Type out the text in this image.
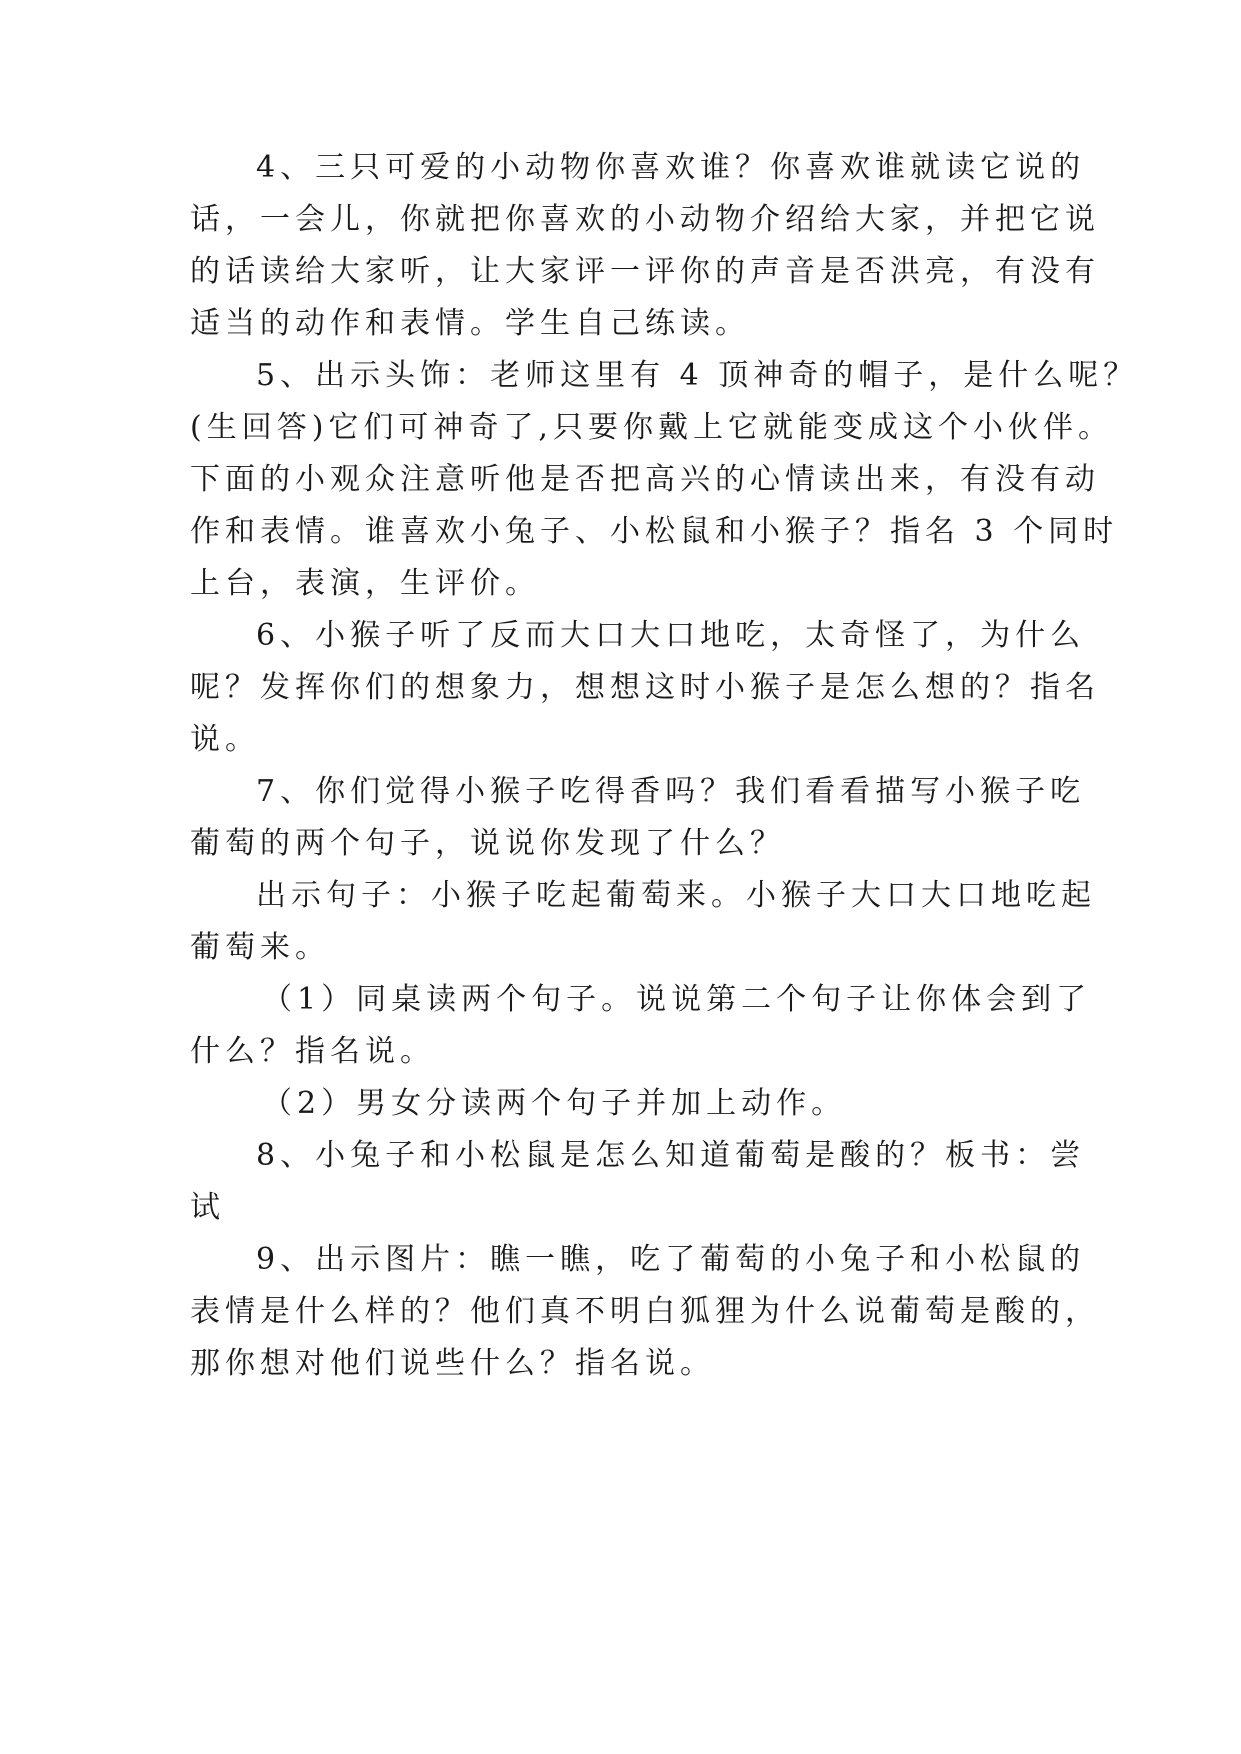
4、三只可爱的小动物你喜欢谁？你喜欢谁就读它说的
话，一会儿，你就把你喜欢的小动物介绍给大家，并把它说
的话读给大家听，让大家评一评你的声音是否洪亮，有没有
适当的动作和表情。学生自己练读。
5、出示头饰：老师这里有 4 顶神奇的帽子，是什么呢？
(生回答)它们可神奇了,只要你戴上它就能变成这个小伙伴。
下面的小观众注意听他是否把高兴的心情读出来，有没有动
作和表情。谁喜欢小兔子、小松鼠和小猴子？指名 3 个同时
上台，表演，生评价。
6、小猴子听了反而大口大口地吃，太奇怪了，为什么
呢？发挥你们的想象力，想想这时小猴子是怎么想的？指名
说。
7、你们觉得小猴子吃得香吗？我们看看描写小猴子吃
葡萄的两个句子，说说你发现了什么？
出示句子：小猴子吃起葡萄来。小猴子大口大口地吃起
葡萄来。
（1）同桌读两个句子。说说第二个句子让你体会到了
什么？指名说。
（2）男女分读两个句子并加上动作。
8、小兔子和小松鼠是怎么知道葡萄是酸的？板书：尝
试
9、出示图片：瞧一瞧，吃了葡萄的小兔子和小松鼠的
表情是什么样的？他们真不明白狐狸为什么说葡萄是酸的，
那你想对他们说些什么？指名说。
